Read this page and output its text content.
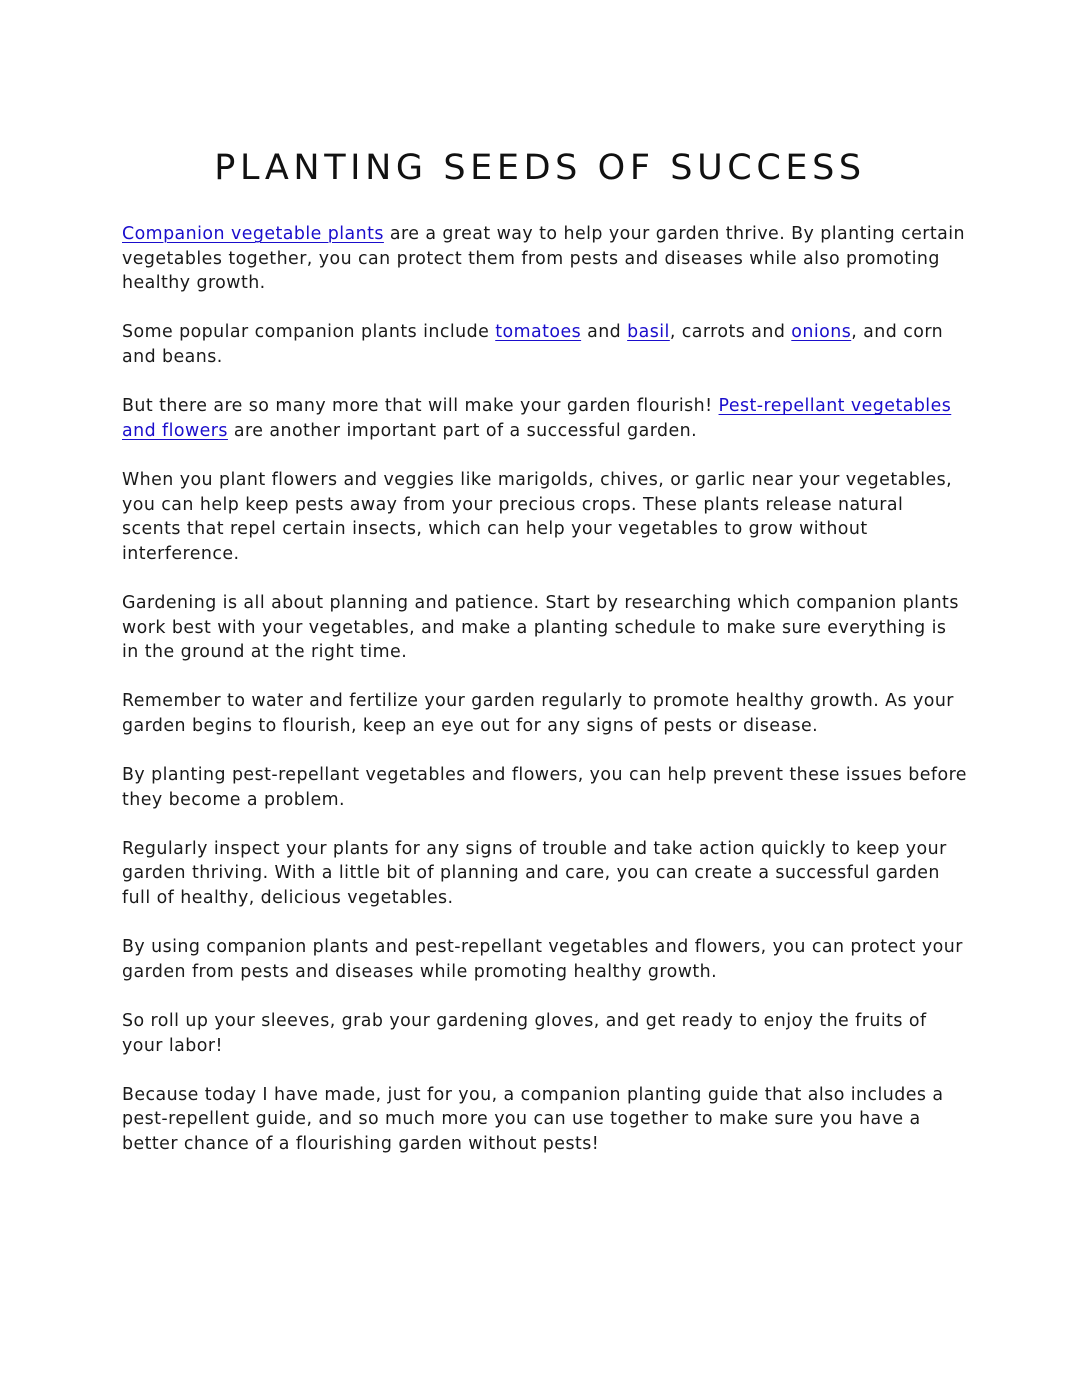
PLANTING SEEDS OF SUCCESS

Companion vegetable plants are a great way to help your garden thrive. By planting certain vegetables together, you can protect them from pests and diseases while also promoting healthy growth.

Some popular companion plants include tomatoes and basil, carrots and onions, and corn and beans.

But there are so many more that will make your garden flourish! Pest-repellant vegetables and flowers are another important part of a successful garden.

When you plant flowers and veggies like marigolds, chives, or garlic near your vegetables, you can help keep pests away from your precious crops. These plants release natural scents that repel certain insects, which can help your vegetables to grow without interference.

Gardening is all about planning and patience. Start by researching which companion plants work best with your vegetables, and make a planting schedule to make sure everything is in the ground at the right time.

Remember to water and fertilize your garden regularly to promote healthy growth. As your garden begins to flourish, keep an eye out for any signs of pests or disease.

By planting pest-repellant vegetables and flowers, you can help prevent these issues before they become a problem.

Regularly inspect your plants for any signs of trouble and take action quickly to keep your garden thriving. With a little bit of planning and care, you can create a successful garden full of healthy, delicious vegetables.

By using companion plants and pest-repellant vegetables and flowers, you can protect your garden from pests and diseases while promoting healthy growth.

So roll up your sleeves, grab your gardening gloves, and get ready to enjoy the fruits of your labor!

Because today I have made, just for you, a companion planting guide that also includes a pest-repellent guide, and so much more you can use together to make sure you have a better chance of a flourishing garden without pests!
